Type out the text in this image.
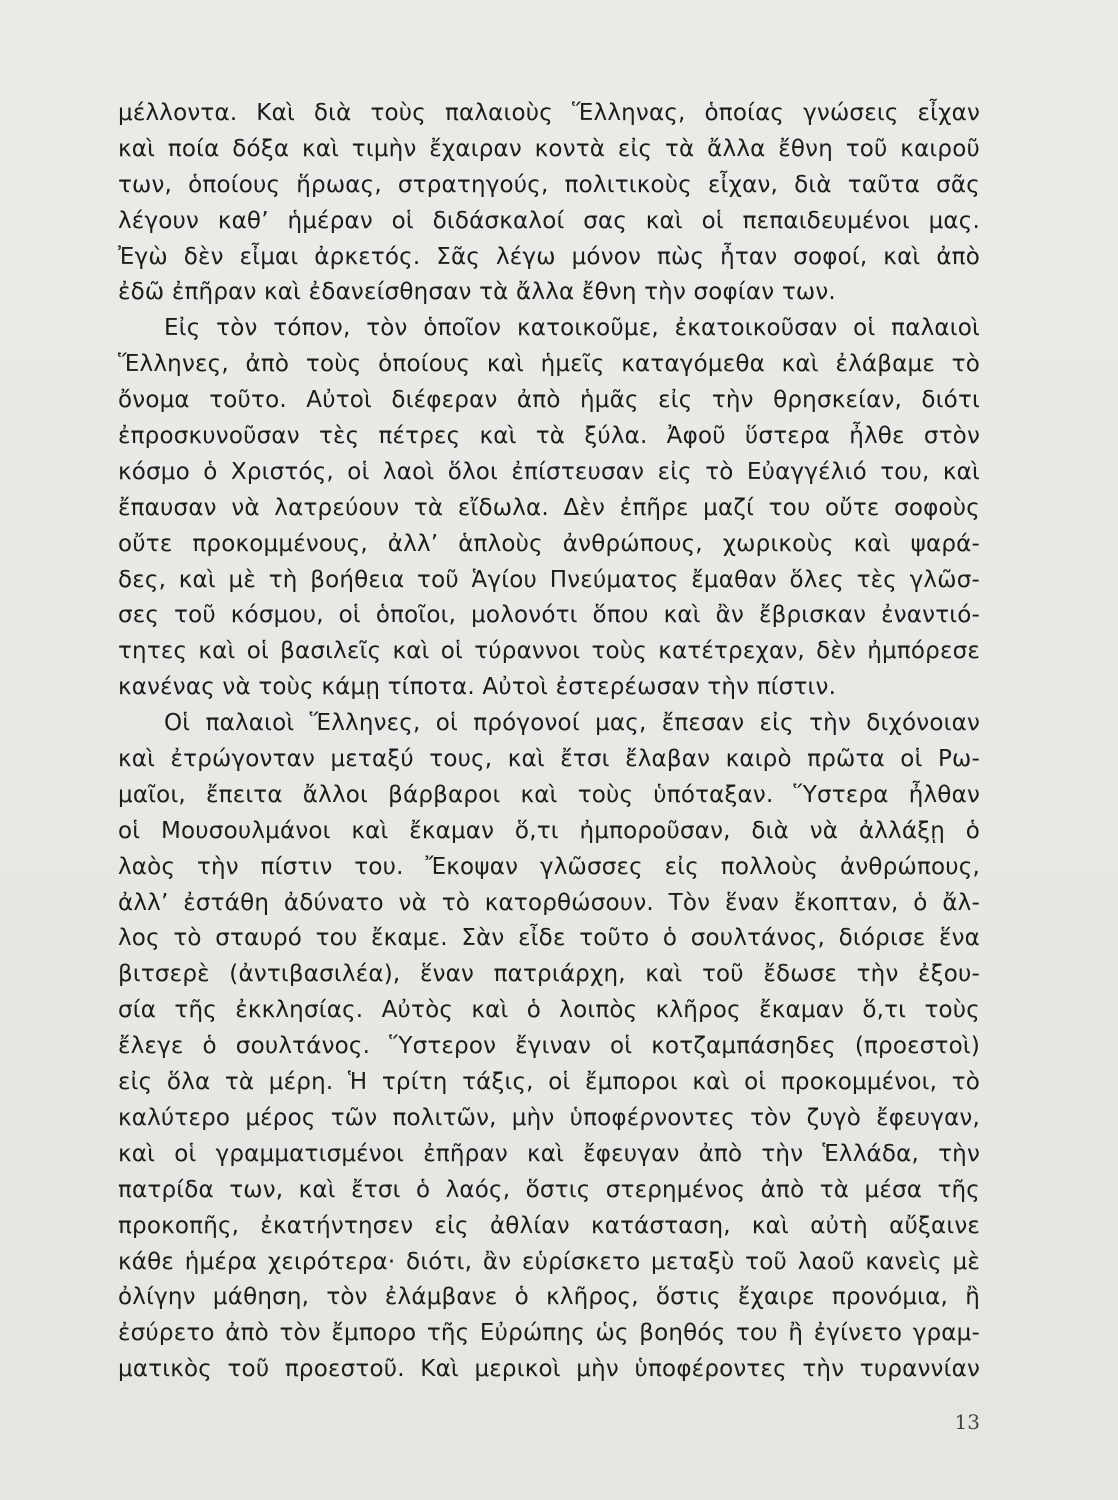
μέλλοντα. Καὶ διὰ τοὺς παλαιοὺς Ἕλληνας, ὁποίας γνώσεις εἶχαν
καὶ ποία δόξα καὶ τιμὴν ἔχαιραν κοντὰ εἰς τὰ ἄλλα ἔθνη τοῦ καιροῦ
των, ὁποίους ἥρωας, στρατηγούς, πολιτικοὺς εἶχαν, διὰ ταῦτα σᾶς
λέγουν καθ’ ἡμέραν οἱ διδάσκαλοί σας καὶ οἱ πεπαιδευμένοι μας.
Ἐγὼ δὲν εἶμαι ἀρκετός. Σᾶς λέγω μόνον πὼς ἦταν σοφοί, καὶ ἀπὸ
ἐδῶ ἐπῆραν καὶ ἐδανείσθησαν τὰ ἄλλα ἔθνη τὴν σοφίαν των.
Εἰς τὸν τόπον, τὸν ὁποῖον κατοικοῦμε, ἐκατοικοῦσαν οἱ παλαιοὶ
Ἕλληνες, ἀπὸ τοὺς ὁποίους καὶ ἡμεῖς καταγόμεθα καὶ ἐλάβαμε τὸ
ὄνομα τοῦτο. Αὐτοὶ διέφεραν ἀπὸ ἡμᾶς εἰς τὴν θρησκείαν, διότι
ἐπροσκυνοῦσαν τὲς πέτρες καὶ τὰ ξύλα. Ἀφοῦ ὕστερα ἦλθε στὸν
κόσμο ὁ Χριστός, οἱ λαοὶ ὅλοι ἐπίστευσαν εἰς τὸ Εὐαγγέλιό του, καὶ
ἔπαυσαν νὰ λατρεύουν τὰ εἴδωλα. Δὲν ἐπῆρε μαζί του οὔτε σοφοὺς
οὔτε προκομμένους, ἀλλ’ ἁπλοὺς ἀνθρώπους, χωρικοὺς καὶ ψαρά-
δες, καὶ μὲ τὴ βοήθεια τοῦ Ἁγίου Πνεύματος ἔμαθαν ὅλες τὲς γλῶσ-
σες τοῦ κόσμου, οἱ ὁποῖοι, μολονότι ὅπου καὶ ἂν ἔβρισκαν ἐναντιό-
τητες καὶ οἱ βασιλεῖς καὶ οἱ τύραννοι τοὺς κατέτρεχαν, δὲν ἠμπόρεσε
κανένας νὰ τοὺς κάμῃ τίποτα. Αὐτοὶ ἐστερέωσαν τὴν πίστιν.
Οἱ παλαιοὶ Ἕλληνες, οἱ πρόγονοί μας, ἔπεσαν εἰς τὴν διχόνοιαν
καὶ ἐτρώγονταν μεταξύ τους, καὶ ἔτσι ἔλαβαν καιρὸ πρῶτα οἱ Ρω-
μαῖοι, ἔπειτα ἄλλοι βάρβαροι καὶ τοὺς ὑπόταξαν. Ὕστερα ἦλθαν
οἱ Μουσουλμάνοι καὶ ἔκαμαν ὅ,τι ἠμποροῦσαν, διὰ νὰ ἀλλάξῃ ὁ
λαὸς τὴν πίστιν του. Ἔκοψαν γλῶσσες εἰς πολλοὺς ἀνθρώπους,
ἀλλ’ ἐστάθη ἀδύνατο νὰ τὸ κατορθώσουν. Τὸν ἕναν ἔκοπταν, ὁ ἄλ-
λος τὸ σταυρό του ἔκαμε. Σὰν εἶδε τοῦτο ὁ σουλτάνος, διόρισε ἕνα
βιτσερὲ (ἀντιβασιλέα), ἕναν πατριάρχη, καὶ τοῦ ἔδωσε τὴν ἐξου-
σία τῆς ἐκκλησίας. Αὐτὸς καὶ ὁ λοιπὸς κλῆρος ἔκαμαν ὅ,τι τοὺς
ἔλεγε ὁ σουλτάνος. Ὕστερον ἔγιναν οἱ κοτζαμπάσηδες (προεστοὶ)
εἰς ὅλα τὰ μέρη. Ἡ τρίτη τάξις, οἱ ἔμποροι καὶ οἱ προκομμένοι, τὸ
καλύτερο μέρος τῶν πολιτῶν, μὴν ὑποφέρνοντες τὸν ζυγὸ ἔφευγαν,
καὶ οἱ γραμματισμένοι ἐπῆραν καὶ ἔφευγαν ἀπὸ τὴν Ἑλλάδα, τὴν
πατρίδα των, καὶ ἔτσι ὁ λαός, ὅστις στερημένος ἀπὸ τὰ μέσα τῆς
προκοπῆς, ἐκατήντησεν εἰς ἀθλίαν κατάσταση, καὶ αὐτὴ αὔξαινε
κάθε ἡμέρα χειρότερα· διότι, ἂν εὑρίσκετο μεταξὺ τοῦ λαοῦ κανεὶς μὲ
ὀλίγην μάθηση, τὸν ἐλάμβανε ὁ κλῆρος, ὅστις ἔχαιρε προνόμια, ἢ
ἐσύρετο ἀπὸ τὸν ἔμπορο τῆς Εὐρώπης ὡς βοηθός του ἢ ἐγίνετο γραμ-
ματικὸς τοῦ προεστοῦ. Καὶ μερικοὶ μὴν ὑποφέροντες τὴν τυραννίαν
13
